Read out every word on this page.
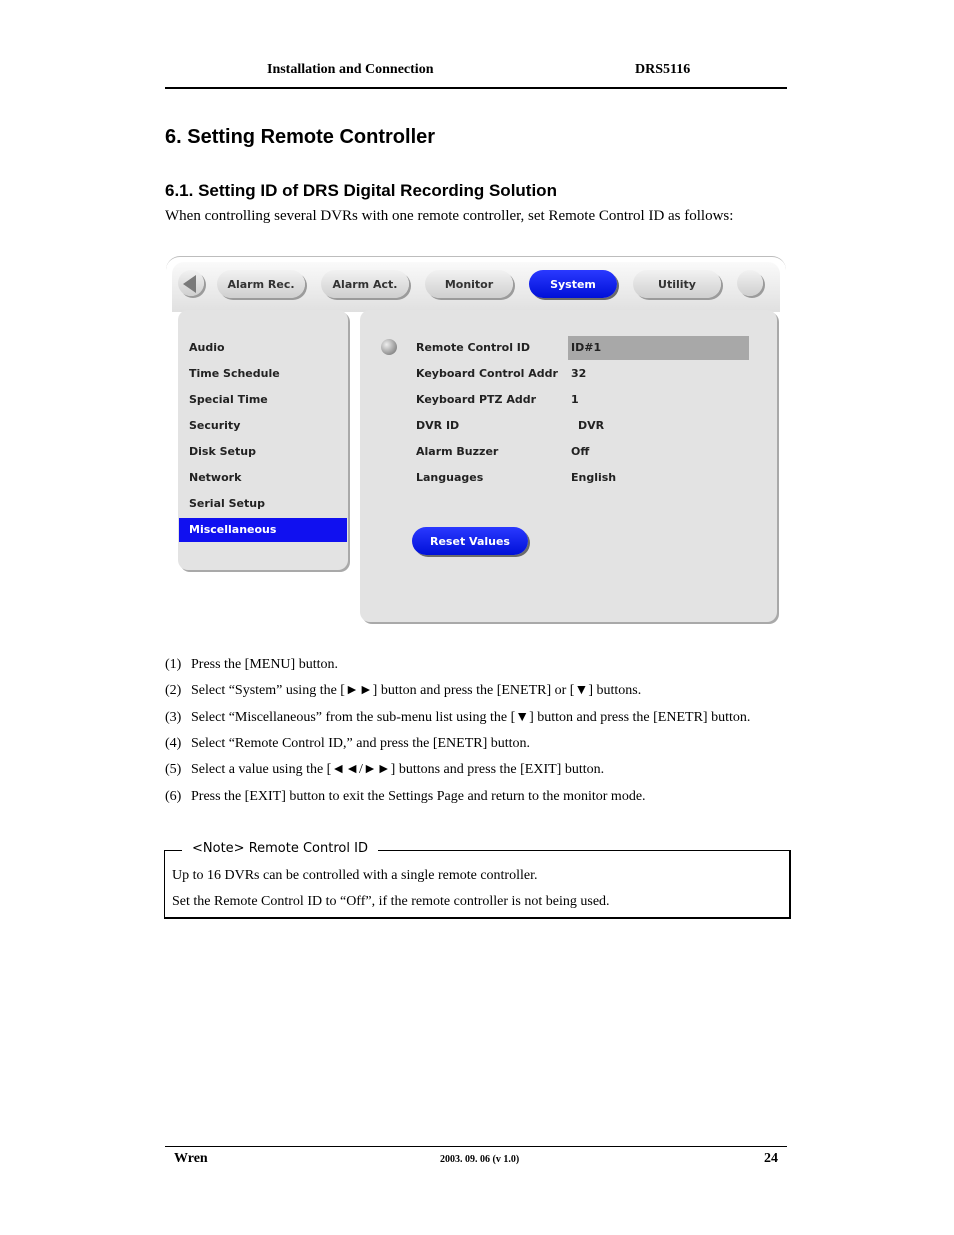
Installation and Connection	DRS5116
6. Setting Remote Controller
6.1. Setting ID of DRS Digital Recording Solution
When controlling several DVRs with one remote controller, set Remote Control ID as follows:
Alarm Rec.	Alarm Act.	Monitor	System	Utility
Audio
Time Schedule
Special Time
Security
Disk Setup
Network
Serial Setup
Miscellaneous
Remote Control ID	ID#1
Keyboard Control Addr 32
Keyboard PTZ Addr	1
DVR ID	DVR
Alarm Buzzer	Off
Languages	English
Reset Values
(1) Press the [MENU] button.
(2) Select “System” using the [►►] button and press the [ENETR] or [▼] buttons.
(3) Select “Miscellaneous” from the sub-menu list using the [▼] button and press the [ENETR] button.
(4) Select “Remote Control ID,” and press the [ENETR] button.
(5) Select a value using the [◄◄/►►] buttons and press the [EXIT] button.
(6) Press the [EXIT] button to exit the Settings Page and return to the monitor mode.
<Note> Remote Control ID
Up to 16 DVRs can be controlled with a single remote controller.
Set the Remote Control ID to “Off”, if the remote controller is not being used.
Wren	2003. 09. 06 (v 1.0)	24
